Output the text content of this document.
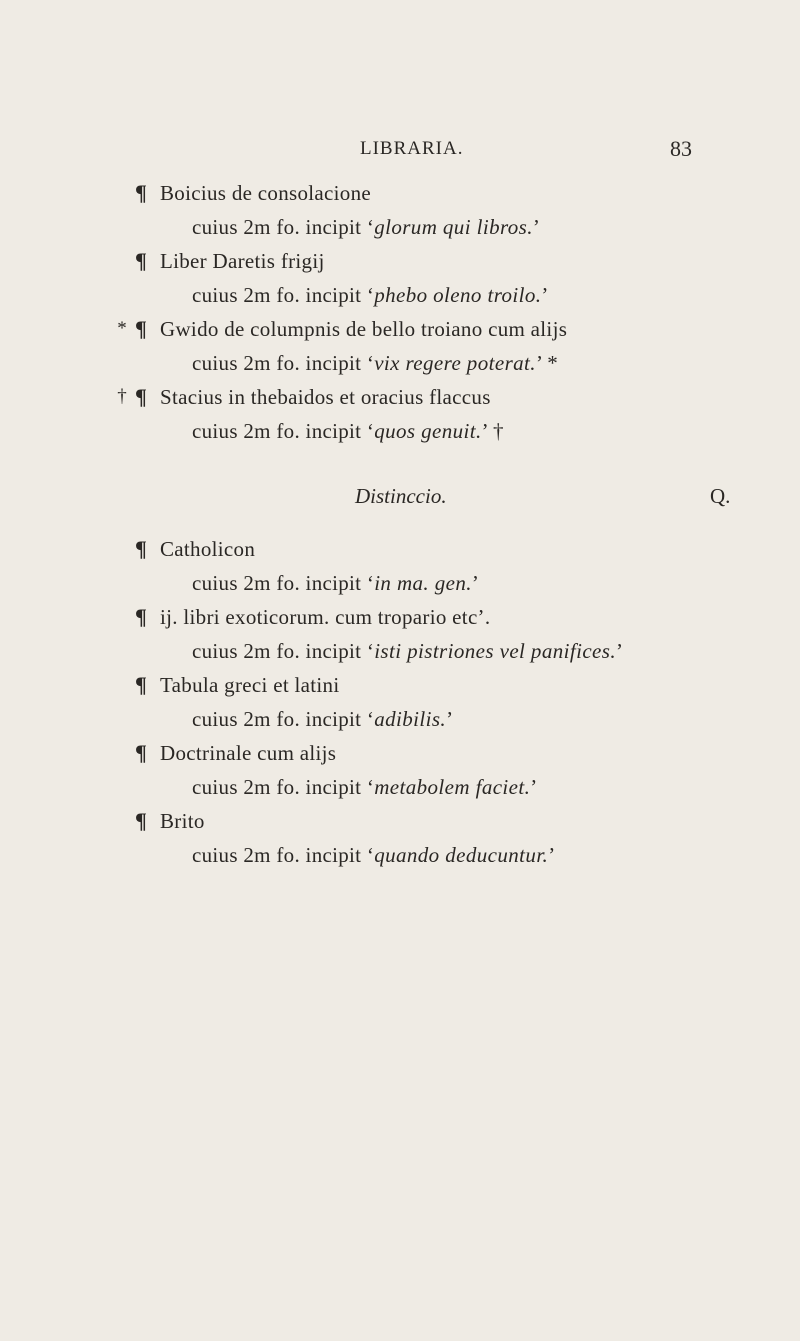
LIBRARIA.	83
¶ Boicius de consolacione
cuius 2m fo. incipit ‘glorum qui libros.’
¶ Liber Daretis frigij
cuius 2m fo. incipit ‘phebo oleno troilo.’
* ¶ Gwido de columpnis de bello troiano cum alijs
cuius 2m fo. incipit ‘vix regere poterat.’ *
† ¶ Stacius in thebaidos et oracius flaccus
cuius 2m fo. incipit ‘quos genuit.’ †
Q.
Distinccio.
¶ Catholicon
cuius 2m fo. incipit ‘in ma. gen.’
¶ ij. libri exoticorum. cum tropario etc’.
cuius 2m fo. incipit ‘isti pistriones vel panifices.’
¶ Tabula greci et latini
cuius 2m fo. incipit ‘adibilis.’
¶ Doctrinale cum alijs
cuius 2m fo. incipit ‘metabolem faciet.’
¶ Brito
cuius 2m fo. incipit ‘quando deducuntur.’
